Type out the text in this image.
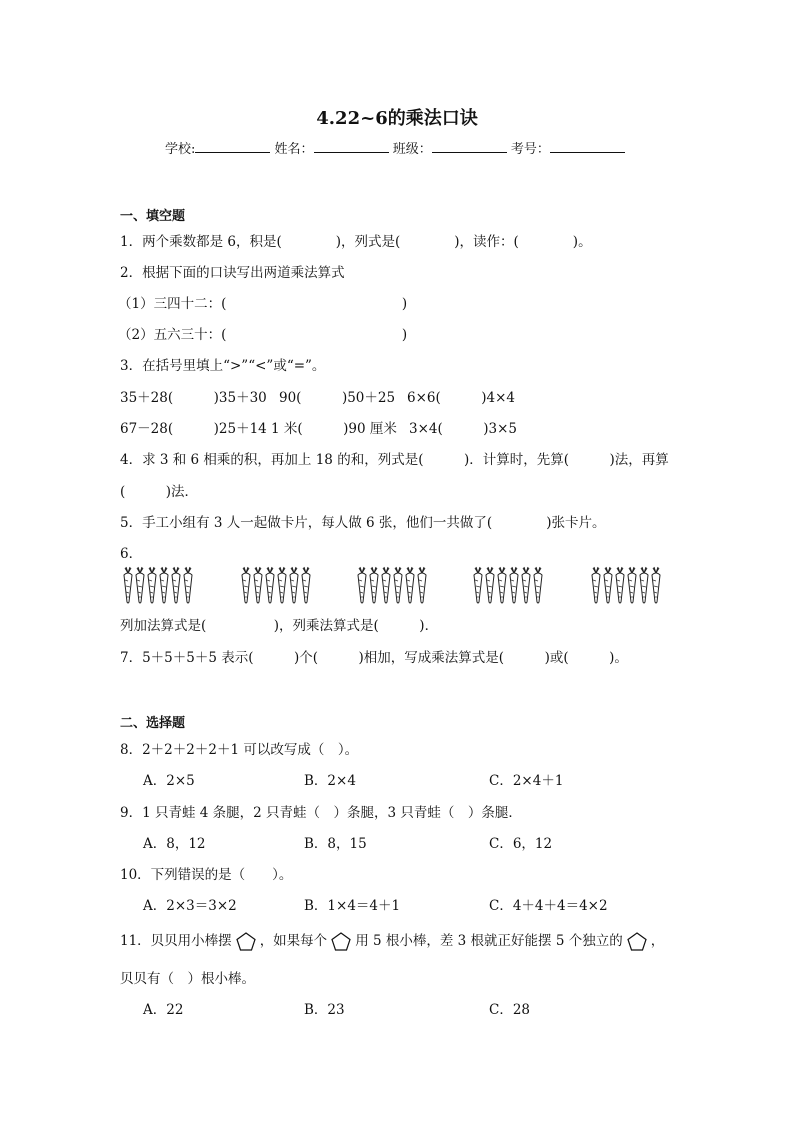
4.22~6的乘法口诀
学校:	姓名：	班级：	考号：
一、填空题
1．两个乘数都是 6，积是(　　　　)，列式是(　　　　)，读作：(　　　　)。
2．根据下面的口诀写出两道乘法算式
（1）三四十二：(　　　　　　　　　　　　　)
（2）五六三十：(　　　　　　　　　　　　　)
3．在括号里填上“>”“<”或“=”。
35＋28(　　　)35＋30 90(　　　)50＋25 6×6(　　　)4×4
67－28(　　　)25＋14 1 米(　　　)90 厘米 3×4(　　　)3×5
4．求 3 和 6 相乘的积，再加上 18 的和，列式是(　　　)．计算时，先算(　　　)法，再算
(　　　)法．
5．手工小组有 3 人一起做卡片，每人做 6 张，他们一共做了(　　　　)张卡片。
6．
列加法算式是(　　　　　)，列乘法算式是(　　　)．
7．5＋5＋5＋5 表示(　　　)个(　　　)相加，写成乘法算式是(　　　)或(　　　)。
二、选择题
8．2＋2＋2＋2＋1 可以改写成（　）。
A．2×5	B．2×4	C．2×4＋1
9．1 只青蛙 4 条腿，2 只青蛙（　）条腿，3 只青蛙（　）条腿．
A．8，12	B．8，15	C．6，12
10．下列错误的是（　　）。
A．2×3＝3×2	B．1×4＝4＋1	C．4＋4＋4＝4×2
11．贝贝用小棒摆 ，如果每个 用 5 根小棒，差 3 根就正好能摆 5 个独立的 ，
贝贝有（　）根小棒。
A．22	B．23	C．28
